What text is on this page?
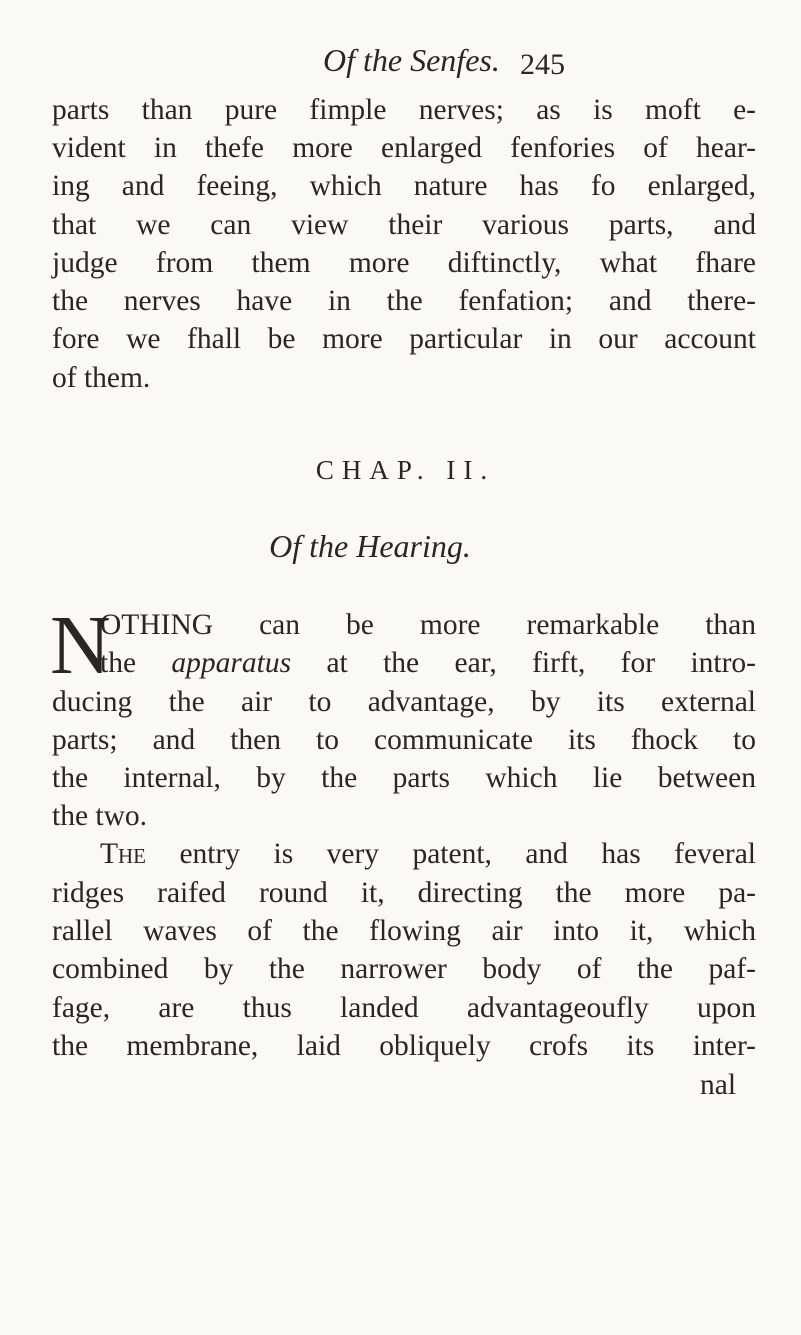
Of the Senfes. 245
parts than pure fimple nerves; as is moft e-
vident in thefe more enlarged fenfories of hear-
ing and feeing, which nature has fo enlarged,
that we can view their various parts, and
judge from them more diftinctly, what fhare
the nerves have in the fenfation; and there-
fore we fhall be more particular in our account
of them.
CHAP. II.
Of the Hearing.
N
OTHING can be more remarkable than
the apparatus at the ear, firft, for intro-
ducing the air to advantage, by its external
parts; and then to communicate its fhock to
the internal, by the parts which lie between
the two.
The entry is very patent, and has feveral
ridges raifed round it, directing the more pa-
rallel waves of the flowing air into it, which
combined by the narrower body of the paf-
fage, are thus landed advantageoufly upon
the membrane, laid obliquely crofs its inter-
nal
